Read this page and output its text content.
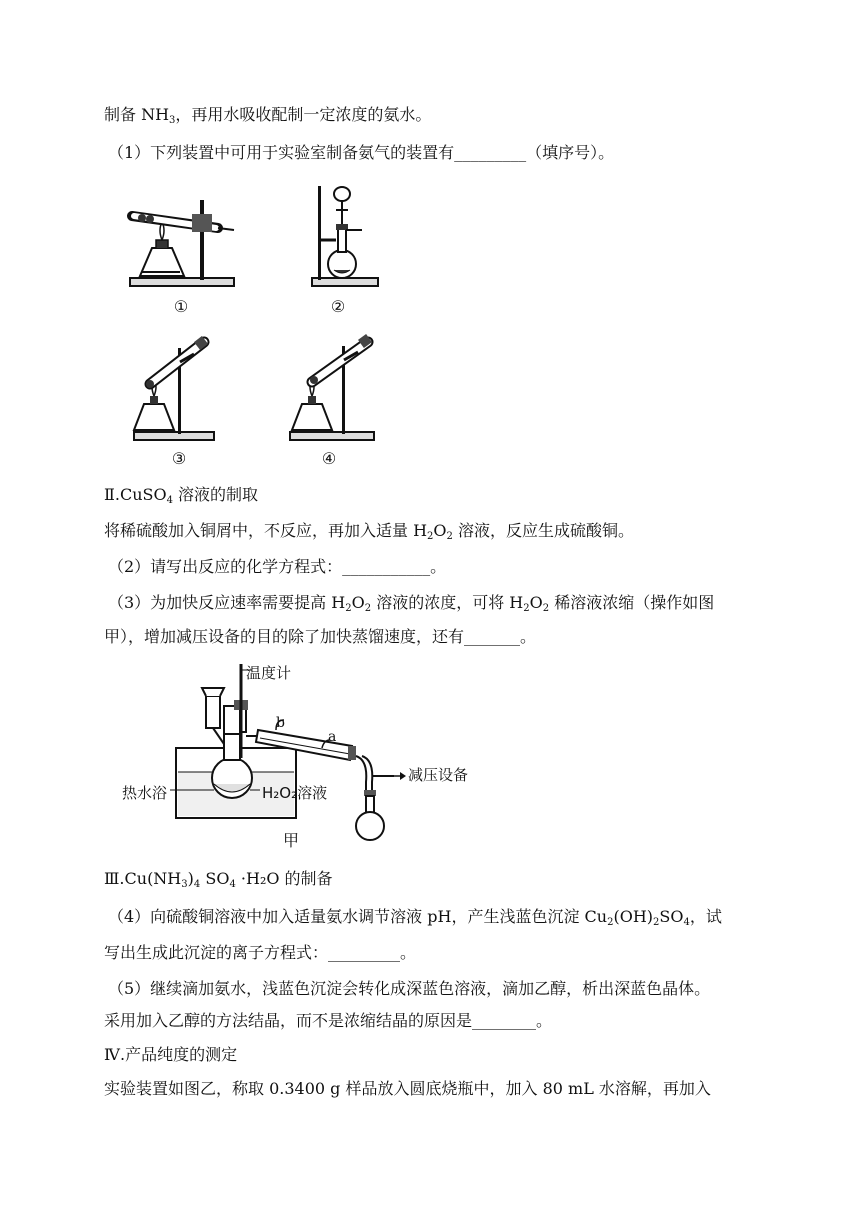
制备 $NH_3$，再用水吸收配制一定浓度的氨水。
（1）下列装置中可用于实验室制备氨气的装置有_________（填序号）。
①	②
③	④
Ⅱ.CuSO$_4$ 溶液的制取
将稀硫酸加入铜屑中，不反应，再加入适量 $H_2O_2$ 溶液，反应生成硫酸铜。
（2）请写出反应的化学方程式：___________。
（3）为加快反应速率需要提高 $H_2O_2$ 溶液的浓度，可将 $H_2O_2$ 稀溶液浓缩（操作如图
甲），增加减压设备的目的除了加快蒸馏速度，还有_______。
温度计
b
a
减压设备
热水浴	H₂O₂溶液
甲
$Ⅲ.Cu(NH_3)_4$ $SO_4 \cdot H_2O$ 的制备
（4）向硫酸铜溶液中加入适量氨水调节溶液 pH，产生浅蓝色沉淀 $Cu_2(OH)_2SO_4$，试
写出生成此沉淀的离子方程式：_________。
（5）继续滴加氨水，浅蓝色沉淀会转化成深蓝色溶液，滴加乙醇，析出深蓝色晶体。
采用加入乙醇的方法结晶，而不是浓缩结晶的原因是________。
Ⅳ.产品纯度的测定
实验装置如图乙，称取 0.3400 g 样品放入圆底烧瓶中，加入 80 mL 水溶解，再加入
